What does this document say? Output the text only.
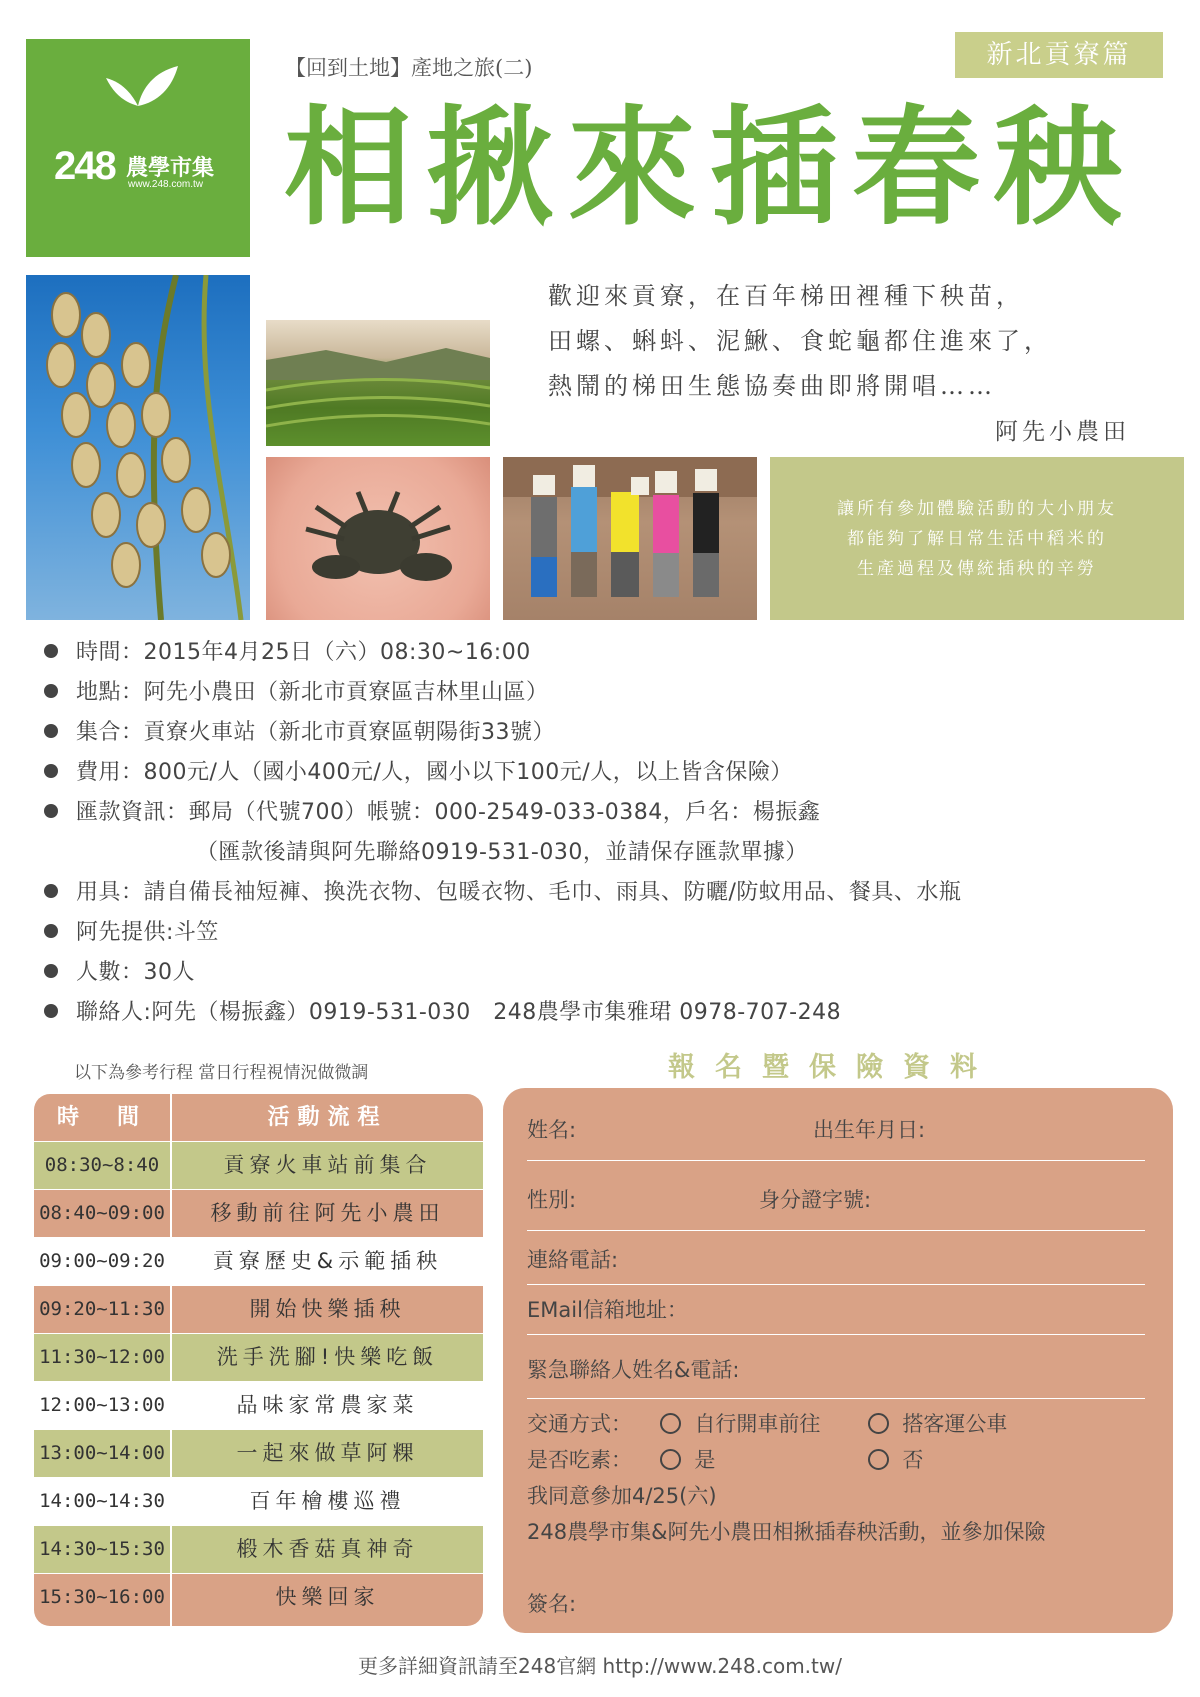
248 農學市集
www.248.com.tw
【回到土地】產地之旅(二)	新北貢寮篇
相揪來插春秧
歡迎來貢寮，在百年梯田裡種下秧苗，
田螺、蝌蚪、泥鰍、食蛇龜都住進來了，
熱鬧的梯田生態協奏曲即將開唱……
阿先小農田
讓所有參加體驗活動的大小朋友
都能夠了解日常生活中稻米的
生產過程及傳統插秧的辛勞
時間：2015年4月25日（六）08:30~16:00
地點：阿先小農田（新北市貢寮區吉林里山區）
集合：貢寮火車站（新北市貢寮區朝陽街33號）
費用：800元/人（國小400元/人，國小以下100元/人，以上皆含保險）
匯款資訊：郵局（代號700）帳號：000-2549-033-0384，戶名：楊振鑫
（匯款後請與阿先聯絡0919-531-030，並請保存匯款單據）
用具：請自備長袖短褲、換洗衣物、包暖衣物、毛巾、雨具、防曬/防蚊用品、餐具、水瓶
阿先提供:斗笠
人數：30人
聯絡人:阿先（楊振鑫）0919-531-030　248農學市集雅珺 0978-707-248
以下為參考行程 當日行程視情況做微調
時　間	活動流程
08:30~8:40	貢寮火車站前集合
08:40~09:00	移動前往阿先小農田
09:00~09:20	貢寮歷史&示範插秧
09:20~11:30	開始快樂插秧
11:30~12:00	洗手洗腳!快樂吃飯
12:00~13:00	品味家常農家菜
13:00~14:00	一起來做草阿粿
14:00~14:30	百年檜樓巡禮
14:30~15:30	椴木香菇真神奇
15:30~16:00	快樂回家
報名暨保險資料
姓名:	出生年月日:
性別:	身分證字號:
連絡電話:
EMail信箱地址：
緊急聯絡人姓名&電話:
交通方式：	自行開車前往	搭客運公車
是否吃素：	是	否
我同意參加4/25(六)
248農學市集&阿先小農田相揪插春秧活動，並參加保險
簽名:
更多詳細資訊請至248官網 http://www.248.com.tw/
